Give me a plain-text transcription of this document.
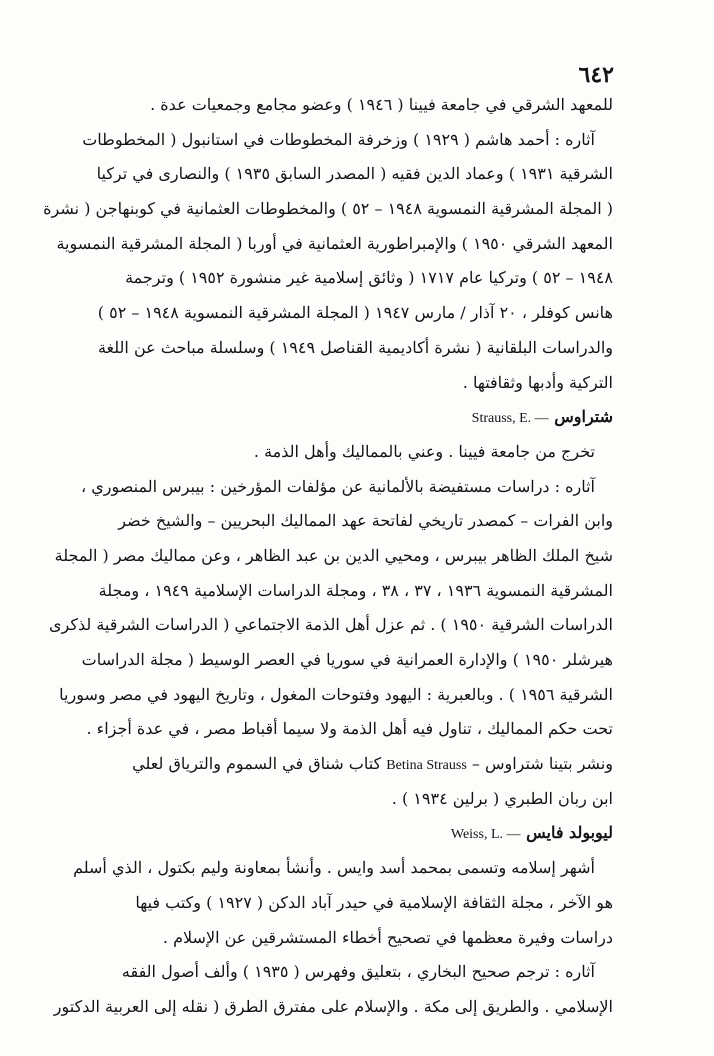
٦٤٢
للمعهد الشرقي في جامعة فيينا ( ١٩٤٦ ) وعضو مجامع وجمعيات عدة .
آثاره : أحمد هاشم ( ١٩٢٩ ) وزخرفة المخطوطات في استانبول ( المخطوطات
الشرقية ١٩٣١ ) وعماد الدين فقيه ( المصدر السابق ١٩٣٥ ) والنصارى في تركيا
( المجلة المشرقية النمسوية ١٩٤٨ – ٥٢ ) والمخطوطات العثمانية في كوبنهاجن ( نشرة
المعهد الشرقي ١٩٥٠ ) والإمبراطورية العثمانية في أوربا ( المجلة المشرقية النمسوية
١٩٤٨ – ٥٢ ) وتركيا عام ١٧١٧ ( وثائق إسلامية غير منشورة ١٩٥٢ ) وترجمة
هانس كوفلر ، ٢٠ آذار / مارس ١٩٤٧ ( المجلة المشرقية النمسوية ١٩٤٨ – ٥٢ )
والدراسات البلقانية ( نشرة أكاديمية القناصل ١٩٤٩ ) وسلسلة مباحث عن اللغة
التركية وأدبها وثقافتها .
شتراوس Strauss, E. —
تخرج من جامعة فيينا . وعني بالمماليك وأهل الذمة .
آثاره : دراسات مستفيضة بالألمانية عن مؤلفات المؤرخين : بيبرس المنصوري ،
وابن الفرات – كمصدر تاريخي لفاتحة عهد المماليك البحريين – والشيخ خضر
شيخ الملك الظاهر بيبرس ، ومحيي الدين بن عبد الظاهر ، وعن مماليك مصر ( المجلة
المشرقية النمسوية ١٩٣٦ ، ٣٧ ، ٣٨ ، ومجلة الدراسات الإسلامية ١٩٤٩ ، ومجلة
الدراسات الشرقية ١٩٥٠ ) . ثم عزل أهل الذمة الاجتماعي ( الدراسات الشرقية لذكرى
هيرشلر ١٩٥٠ ) والإدارة العمرانية في سوريا في العصر الوسيط ( مجلة الدراسات
الشرقية ١٩٥٦ ) . وبالعبرية : اليهود وفتوحات المغول ، وتاريخ اليهود في مصر وسوريا
تحت حكم المماليك ، تناول فيه أهل الذمة ولا سيما أقباط مصر ، في عدة أجزاء .
ونشر بتينا شتراوس – Betina Strauss كتاب شناق في السموم والترياق لعلي
ابن ربان الطبري ( برلين ١٩٣٤ ) .
ليوبولد فايس Weiss, L. —
أشهر إسلامه وتسمى بمحمد أسد وايس . وأنشأ بمعاونة وليم بكتول ، الذي أسلم
هو الآخر ، مجلة الثقافة الإسلامية في حيدر آباد الدكن ( ١٩٢٧ ) وكتب فيها
دراسات وفيرة معظمها في تصحيح أخطاء المستشرقين عن الإسلام .
آثاره : ترجم صحيح البخاري ، بتعليق وفهرس ( ١٩٣٥ ) وألف أصول الفقه
الإسلامي . والطريق إلى مكة . والإسلام على مفترق الطرق ( نقله إلى العربية الدكتور
